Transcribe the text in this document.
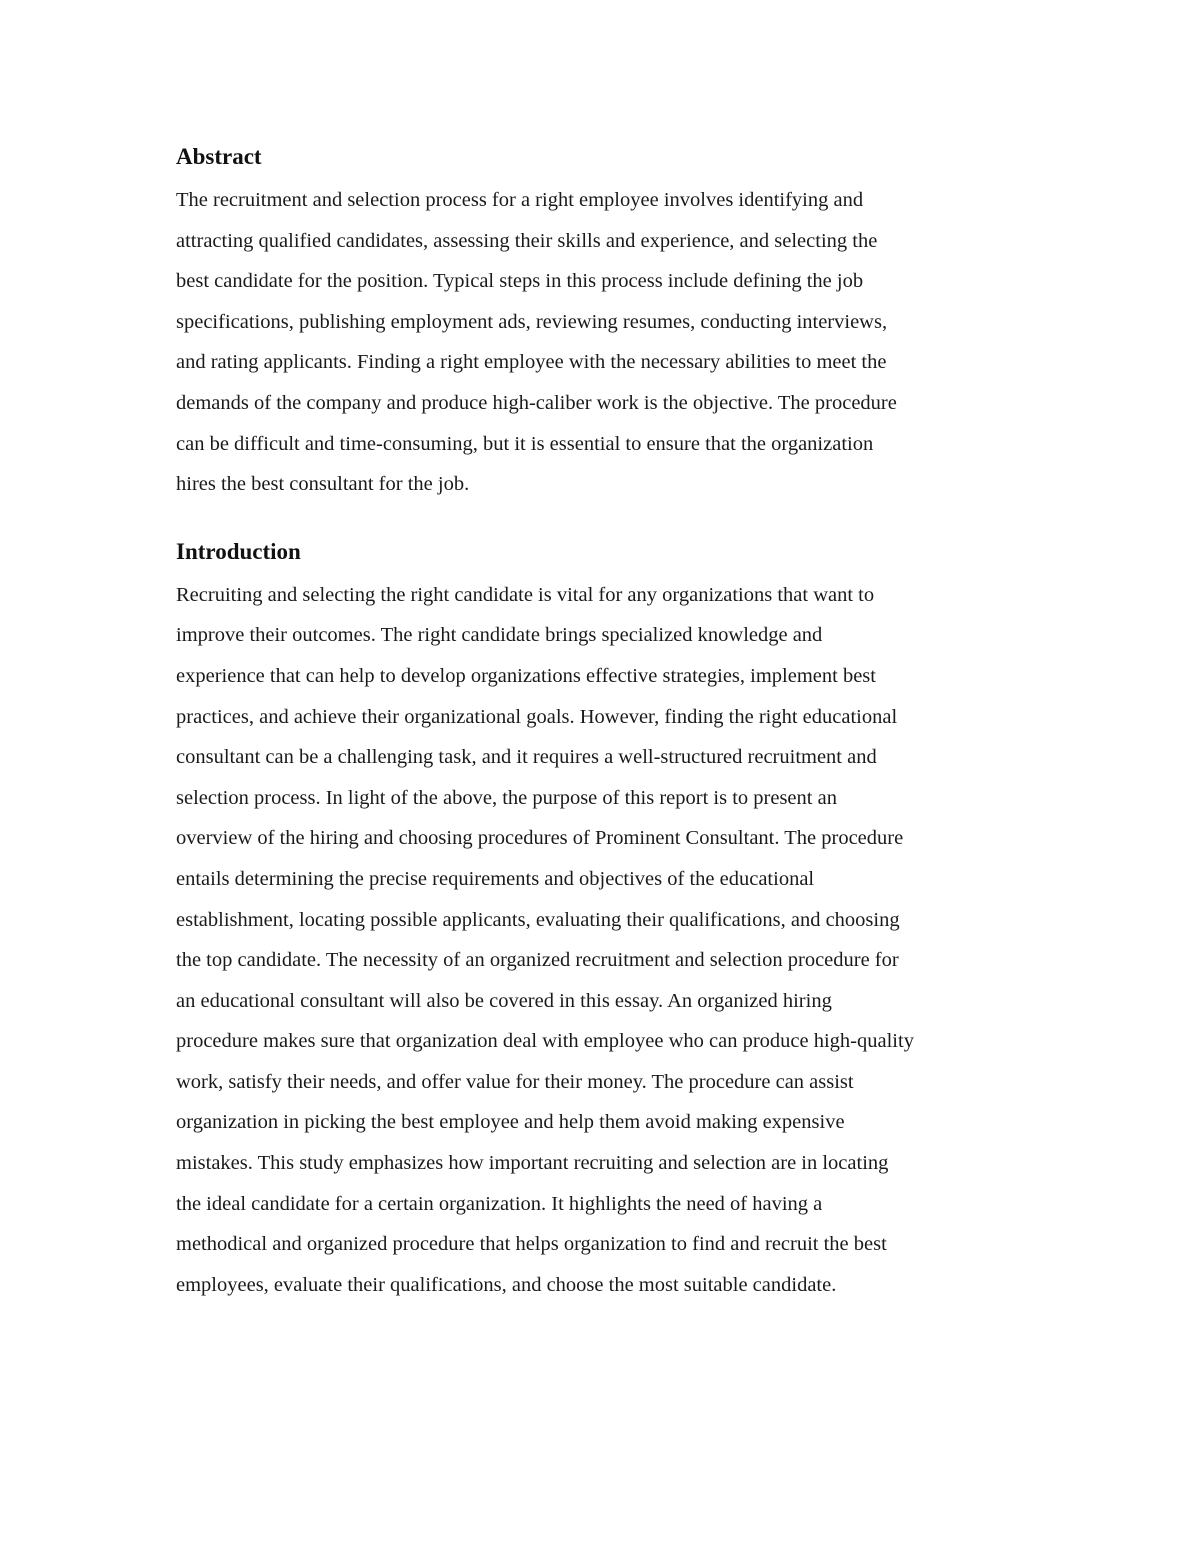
Abstract

The recruitment and selection process for a right employee involves identifying and
attracting qualified candidates, assessing their skills and experience, and selecting the
best candidate for the position. Typical steps in this process include defining the job
specifications, publishing employment ads, reviewing resumes, conducting interviews,
and rating applicants. Finding a right employee with the necessary abilities to meet the
demands of the company and produce high-caliber work is the objective. The procedure
can be difficult and time-consuming, but it is essential to ensure that the organization
hires the best consultant for the job.

Introduction

Recruiting and selecting the right candidate is vital for any organizations that want to
improve their outcomes. The right candidate brings specialized knowledge and
experience that can help to develop organizations effective strategies, implement best
practices, and achieve their organizational goals. However, finding the right educational
consultant can be a challenging task, and it requires a well-structured recruitment and
selection process. In light of the above, the purpose of this report is to present an
overview of the hiring and choosing procedures of Prominent Consultant. The procedure
entails determining the precise requirements and objectives of the educational
establishment, locating possible applicants, evaluating their qualifications, and choosing
the top candidate. The necessity of an organized recruitment and selection procedure for
an educational consultant will also be covered in this essay. An organized hiring
procedure makes sure that organization deal with employee who can produce high-quality
work, satisfy their needs, and offer value for their money. The procedure can assist
organization in picking the best employee and help them avoid making expensive
mistakes. This study emphasizes how important recruiting and selection are in locating
the ideal candidate for a certain organization. It highlights the need of having a
methodical and organized procedure that helps organization to find and recruit the best
employees, evaluate their qualifications, and choose the most suitable candidate.
